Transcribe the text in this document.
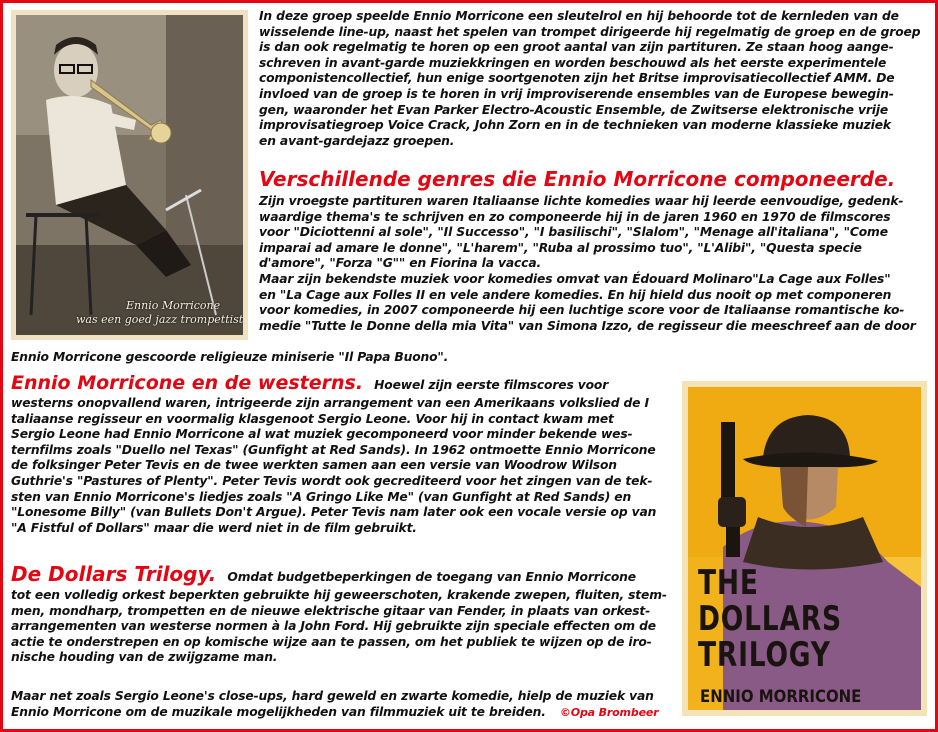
Ennio Morricone
was een goed jazz trompettist

In deze groep speelde Ennio Morricone een sleutelrol en hij behoorde tot de kernleden van de

wisselende line-up, naast het spelen van trompet dirigeerde hij regelmatig de groep en de groep

is dan ook regelmatig te horen op een groot aantal van zijn partituren. Ze staan hoog aange-

schreven in avant-garde muziekkringen en worden beschouwd als het eerste experimentele

componistencollectief, hun enige soortgenoten zijn het Britse improvisatiecollectief AMM. De

invloed van de groep is te horen in vrij improviserende ensembles van de Europese bewegin-

gen, waaronder het Evan Parker Electro-Acoustic Ensemble, de Zwitserse elektronische vrije

improvisatiegroep Voice Crack, John Zorn en in de technieken van moderne klassieke muziek

en avant-gardejazz groepen.

Verschillende genres die Ennio Morricone componeerde.

Zijn vroegste partituren waren Italiaanse lichte komedies waar hij leerde eenvoudige, gedenk-

waardige thema's te schrijven en zo componeerde hij in de jaren 1960 en 1970 de filmscores

voor "Diciottenni al sole", "Il Successo", "I basilischi", "Slalom", "Menage all'italiana", "Come

imparai ad amare le donne", "L'harem", "Ruba al prossimo tuo", "L'Alibi", "Questa specie

d'amore", "Forza "G"" en Fiorina la vacca.

Maar zijn bekendste muziek voor komedies omvat van Édouard Molinaro"La Cage aux Folles"

en "La Cage aux Folles II en vele andere komedies. En hij hield dus nooit op met componeren

voor komedies, in 2007 componeerde hij een luchtige score voor de Italiaanse romantische ko-

medie "Tutte le Donne della mia Vita" van Simona Izzo, de regisseur die meeschreef aan de door

Ennio Morricone gescoorde religieuze miniserie "Il Papa Buono".

Ennio Morricone en de westerns. Hoewel zijn eerste filmscores voor

westerns onopvallend waren, intrigeerde zijn arrangement van een Amerikaans volkslied de I

taliaanse regisseur en voormalig klasgenoot Sergio Leone. Voor hij in contact kwam met

Sergio Leone had Ennio Morricone al wat muziek gecomponeerd voor minder bekende wes-

ternfilms zoals "Duello nel Texas" (Gunfight at Red Sands). In 1962 ontmoette Ennio Morricone

de folksinger Peter Tevis en de twee werkten samen aan een versie van Woodrow Wilson

Guthrie's "Pastures of Plenty". Peter Tevis wordt ook gecrediteerd voor het zingen van de tek-

sten van Ennio Morricone's liedjes zoals "A Gringo Like Me" (van Gunfight at Red Sands) en

"Lonesome Billy" (van Bullets Don't Argue). Peter Tevis nam later ook een vocale versie op van

"A Fistful of Dollars" maar die werd niet in de film gebruikt.

De Dollars Trilogy. Omdat budgetbeperkingen de toegang van Ennio Morricone

tot een volledig orkest beperkten gebruikte hij geweerschoten, krakende zwepen, fluiten, stem-

men, mondharp, trompetten en de nieuwe elektrische gitaar van Fender, in plaats van orkest-

arrangementen van westerse normen à la John Ford. Hij gebruikte zijn speciale effecten om de

actie te onderstrepen en op komische wijze aan te passen, om het publiek te wijzen op de iro-

nische houding van de zwijgzame man.

Maar net zoals Sergio Leone's close-ups, hard geweld en zwarte komedie, hielp de muziek van

Ennio Morricone om de muzikale mogelijkheden van filmmuziek uit te breiden. ©Opa Brombeer

THE
DOLLARS
TRILOGY
ENNIO MORRICONE
